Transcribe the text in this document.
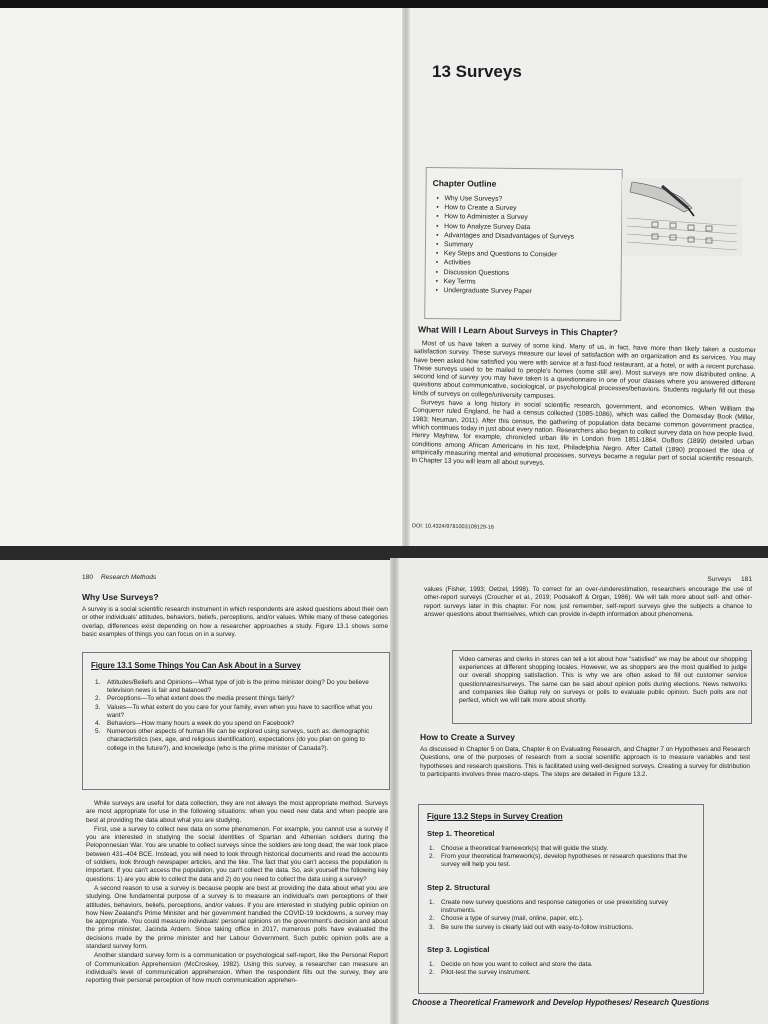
13 Surveys
Chapter Outline
• Why Use Surveys?
• How to Create a Survey
• How to Administer a Survey
• How to Analyze Survey Data
• Advantages and Disadvantages of Surveys
• Summary
• Key Steps and Questions to Consider
• Activities
• Discussion Questions
• Key Terms
• Undergraduate Survey Paper
What Will I Learn About Surveys in This Chapter?

Most of us have taken a survey of some kind. Many of us, in fact, have more than likely taken a customer satisfaction survey. These surveys measure our level of satisfaction with an organization and its services. You may have been asked how satisfied you were with service at a fast-food restaurant, at a hotel, or with a recent purchase. These surveys used to be mailed to people's homes (some still are). Most surveys are now distributed online. A second kind of survey you may have taken is a questionnaire in one of your classes where you answered different questions about communicative, sociological, or psychological processes/behaviors. Students regularly fill out these kinds of surveys on college/university campuses.

Surveys have a long history in social scientific research, government, and economics. When William the Conqueror ruled England, he had a census collected (1085-1086), which was called the Domesday Book (Miller, 1983; Neuman, 2011). After this census, the gathering of population data became common government practice, which continues today in just about every nation. Researchers also began to collect survey data on how people lived. Henry Mayhew, for example, chronicled urban life in London from 1851-1864. DuBois (1899) detailed urban conditions among African Americans in his text, Philadelphia Negro. After Cattell (1890) proposed the idea of empirically measuring mental and emotional processes, surveys became a regular part of social scientific research. In Chapter 13 you will learn all about surveys.

DOI: 10.4324/9781003109129-16
180 Research Methods	Surveys 181
Why Use Surveys?

A survey is a social scientific research instrument in which respondents are asked questions about their own or other individuals' attitudes, behaviors, beliefs, perceptions, and/or values. While many of these categories overlap, differences exist depending on how a researcher approaches a study. Figure 13.1 shows some basic examples of things you can focus on in a survey.

Figure 13.1 Some Things You Can Ask About in a Survey
1. Attitudes/Beliefs and Opinions—What type of job is the prime minister doing? Do you believe television news is fair and balanced?
2. Perceptions—To what extent does the media present things fairly?
3. Values—To what extent do you care for your family, even when you have to sacrifice what you want?
4. Behaviors—How many hours a week do you spend on Facebook?
5. Numerous other aspects of human life can be explored using surveys, such as: demographic characteristics (sex, age, and religious identification), expectations (do you plan on going to college in the future?), and knowledge (who is the prime minister of Canada?).

While surveys are useful for data collection, they are not always the most appropriate method. Surveys are most appropriate for use in the following situations: when you need new data and when people are best at providing the data about what you are studying.

First, use a survey to collect new data on some phenomenon. For example, you cannot use a survey if you are interested in studying the social identities of Spartan and Athenian soldiers during the Peloponnesian War. You are unable to collect surveys since the soldiers are long dead; the war took place between 431–404 BCE. Instead, you will need to look through historical documents and read the accounts of soldiers, look through newspaper articles, and the like. The fact that you can't access the population is important. If you can't access the population, you can't collect the data. So, ask yourself the following key questions: 1) are you able to collect the data and 2) do you need to collect the data using a survey?

A second reason to use a survey is because people are best at providing the data about what you are studying. One fundamental purpose of a survey is to measure an individual's own perceptions of their attitudes, behaviors, beliefs, perceptions, and/or values. If you are interested in studying public opinion on how New Zealand's Prime Minister and her government handled the COVID-19 lockdowns, a survey may be appropriate. You could measure individuals' personal opinions on the government's decision and about the prime minister, Jacinda Ardern. Since taking office in 2017, numerous polls have evaluated the decisions made by the prime minister and her Labour Government. Such public opinion polls are a standard survey form.

Another standard survey form is a communication or psychological self-report, like the Personal Report of Communication Apprehension (McCroskey, 1982). Using this survey, a researcher can measure an individual's level of communication apprehension. When the respondent fills out the survey, they are reporting their personal perception of how much communication apprehen-

values (Fisher, 1993; Oetzel, 1998). To correct for an over-/underestimation, researchers encourage the use of other-report surveys (Croucher et al., 2019; Podsakoff & Organ, 1986). We will talk more about self- and other-report surveys later in this chapter. For now, just remember, self-report surveys give the subjects a chance to answer questions about themselves, which can provide in-depth information about phenomena.

Video cameras and clerks in stores can tell a lot about how "satisfied" we may be about our shopping experiences at different shopping locales. However, we as shoppers are the most qualified to judge our overall shopping satisfaction. This is why we are often asked to fill out customer service questionnaires/surveys. The same can be said about opinion polls during elections. News networks and companies like Gallup rely on surveys or polls to evaluate public opinion. Such polls are not perfect, which we will talk more about shortly.
How to Create a Survey

As discussed in Chapter 5 on Data, Chapter 6 on Evaluating Research, and Chapter 7 on Hypotheses and Research Questions, one of the purposes of research from a social scientific approach is to measure variables and test hypotheses and research questions. This is facilitated using well-designed surveys. Creating a survey for distribution to participants involves three macro-steps. The steps are detailed in Figure 13.2.

Figure 13.2 Steps in Survey Creation
Step 1. Theoretical
1. Choose a theoretical framework(s) that will guide the study.
2. From your theoretical framework(s), develop hypotheses or research questions that the survey will help you test.
Step 2. Structural
1. Create new survey questions and response categories or use preexisting survey instruments.
2. Choose a type of survey (mail, online, paper, etc.).
3. Be sure the survey is clearly laid out with easy-to-follow instructions.
Step 3. Logistical
1. Decide on how you want to collect and store the data.
2. Pilot-test the survey instrument.
Choose a Theoretical Framework and Develop Hypotheses/ Research Questions
